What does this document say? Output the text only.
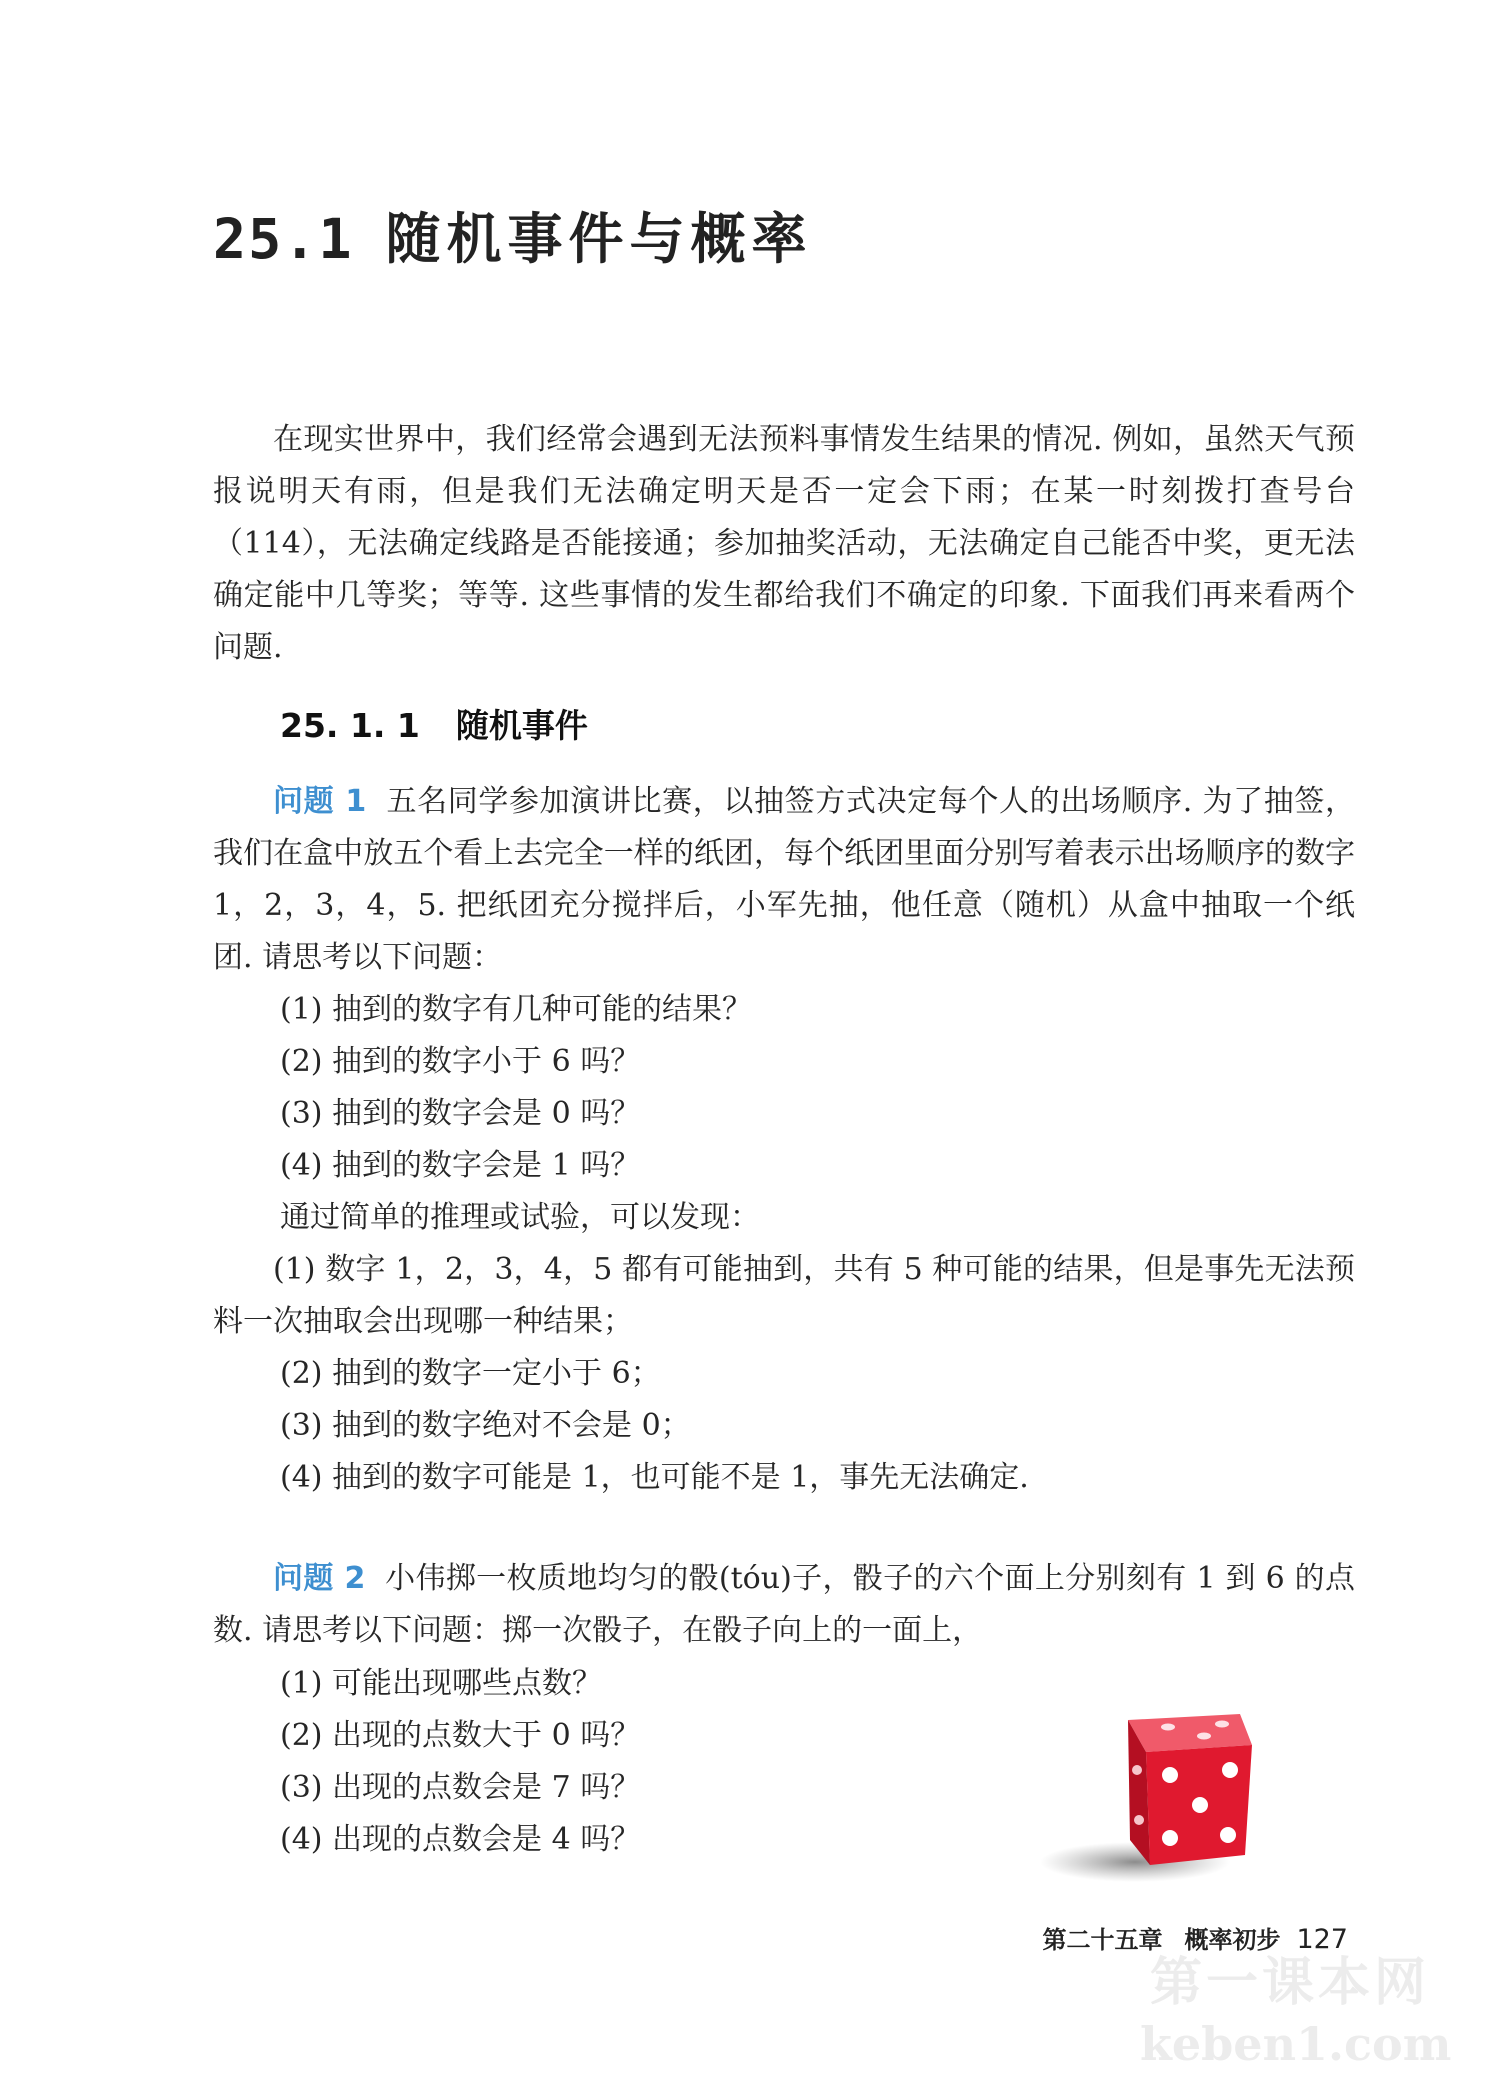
25.1 随机事件与概率

在现实世界中，我们经常会遇到无法预料事情发生结果的情况. 例如，虽然天气预报说明天有雨，但是我们无法确定明天是否一定会下雨；在某一时刻拨打查号台（114），无法确定线路是否能接通；参加抽奖活动，无法确定自己能否中奖，更无法确定能中几等奖；等等. 这些事情的发生都给我们不确定的印象. 下面我们再来看两个问题.

25. 1. 1 随机事件

问题 1 五名同学参加演讲比赛，以抽签方式决定每个人的出场顺序. 为了抽签，我们在盒中放五个看上去完全一样的纸团，每个纸团里面分别写着表示出场顺序的数字 1，2，3，4，5. 把纸团充分搅拌后，小军先抽，他任意（随机）从盒中抽取一个纸团. 请思考以下问题：

(1) 抽到的数字有几种可能的结果？

(2) 抽到的数字小于 6 吗？

(3) 抽到的数字会是 0 吗？

(4) 抽到的数字会是 1 吗？

通过简单的推理或试验，可以发现：

(1) 数字 1，2，3，4，5 都有可能抽到，共有 5 种可能的结果，但是事先无法预料一次抽取会出现哪一种结果；

(2) 抽到的数字一定小于 6；

(3) 抽到的数字绝对不会是 0；

(4) 抽到的数字可能是 1，也可能不是 1，事先无法确定.

问题 2 小伟掷一枚质地均匀的骰(tóu)子，骰子的六个面上分别刻有 1 到 6 的点数. 请思考以下问题：掷一次骰子，在骰子向上的一面上，

(1) 可能出现哪些点数？

(2) 出现的点数大于 0 吗？

(3) 出现的点数会是 7 吗？

(4) 出现的点数会是 4 吗？

第二十五章 概率初步 127
第一课本网
keben1.com
